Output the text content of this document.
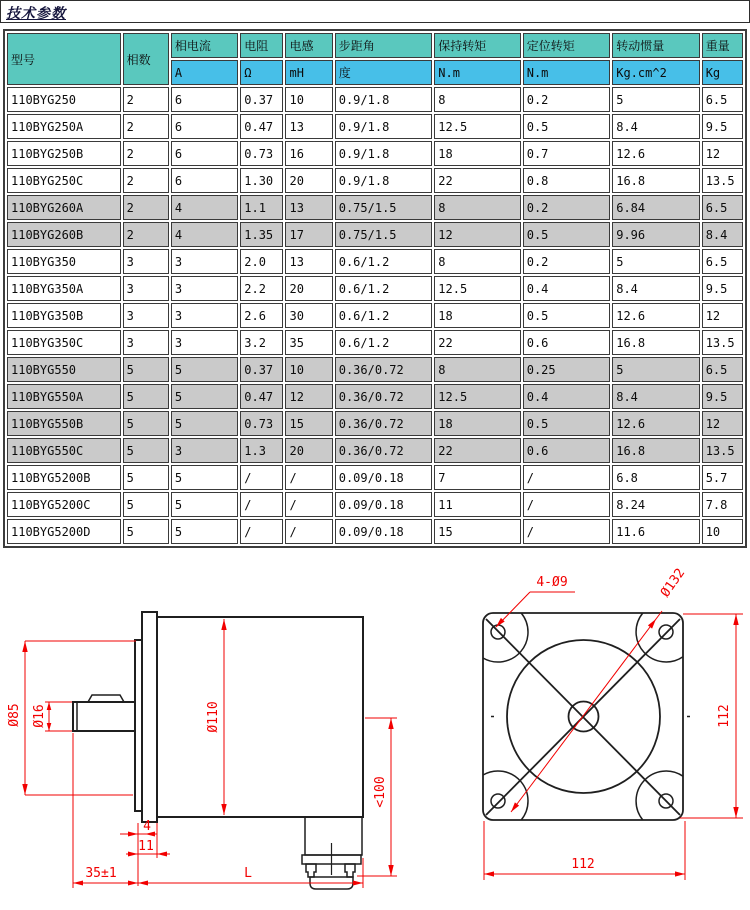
技术参数
型号	相数	相电流	电阻	电感	步距角	保持转矩	定位转矩	转动惯量	重量
		A	Ω	mH	度	N.m	N.m	Kg.cm^2	Kg
110BYG250	2	6	0.37	10	0.9/1.8	8	0.2	5	6.5
110BYG250A	2	6	0.47	13	0.9/1.8	12.5	0.5	8.4	9.5
110BYG250B	2	6	0.73	16	0.9/1.8	18	0.7	12.6	12
110BYG250C	2	6	1.30	20	0.9/1.8	22	0.8	16.8	13.5
110BYG260A	2	4	1.1	13	0.75/1.5	8	0.2	6.84	6.5
110BYG260B	2	4	1.35	17	0.75/1.5	12	0.5	9.96	8.4
110BYG350	3	3	2.0	13	0.6/1.2	8	0.2	5	6.5
110BYG350A	3	3	2.2	20	0.6/1.2	12.5	0.4	8.4	9.5
110BYG350B	3	3	2.6	30	0.6/1.2	18	0.5	12.6	12
110BYG350C	3	3	3.2	35	0.6/1.2	22	0.6	16.8	13.5
110BYG550	5	5	0.37	10	0.36/0.72	8	0.25	5	6.5
110BYG550A	5	5	0.47	12	0.36/0.72	12.5	0.4	8.4	9.5
110BYG550B	5	5	0.73	15	0.36/0.72	18	0.5	12.6	12
110BYG550C	5	3	1.3	20	0.36/0.72	22	0.6	16.8	13.5
110BYG5200B	5	5	/	/	0.09/0.18	7	/	6.8	5.7
110BYG5200C	5	5	/	/	0.09/0.18	11	/	8.24	7.8
110BYG5200D	5	5	/	/	0.09/0.18	15	/	11.6	10
Ø85 Ø16	Ø110
4
11
35±1	L
<100
4-Ø9	Ø132
112
112
